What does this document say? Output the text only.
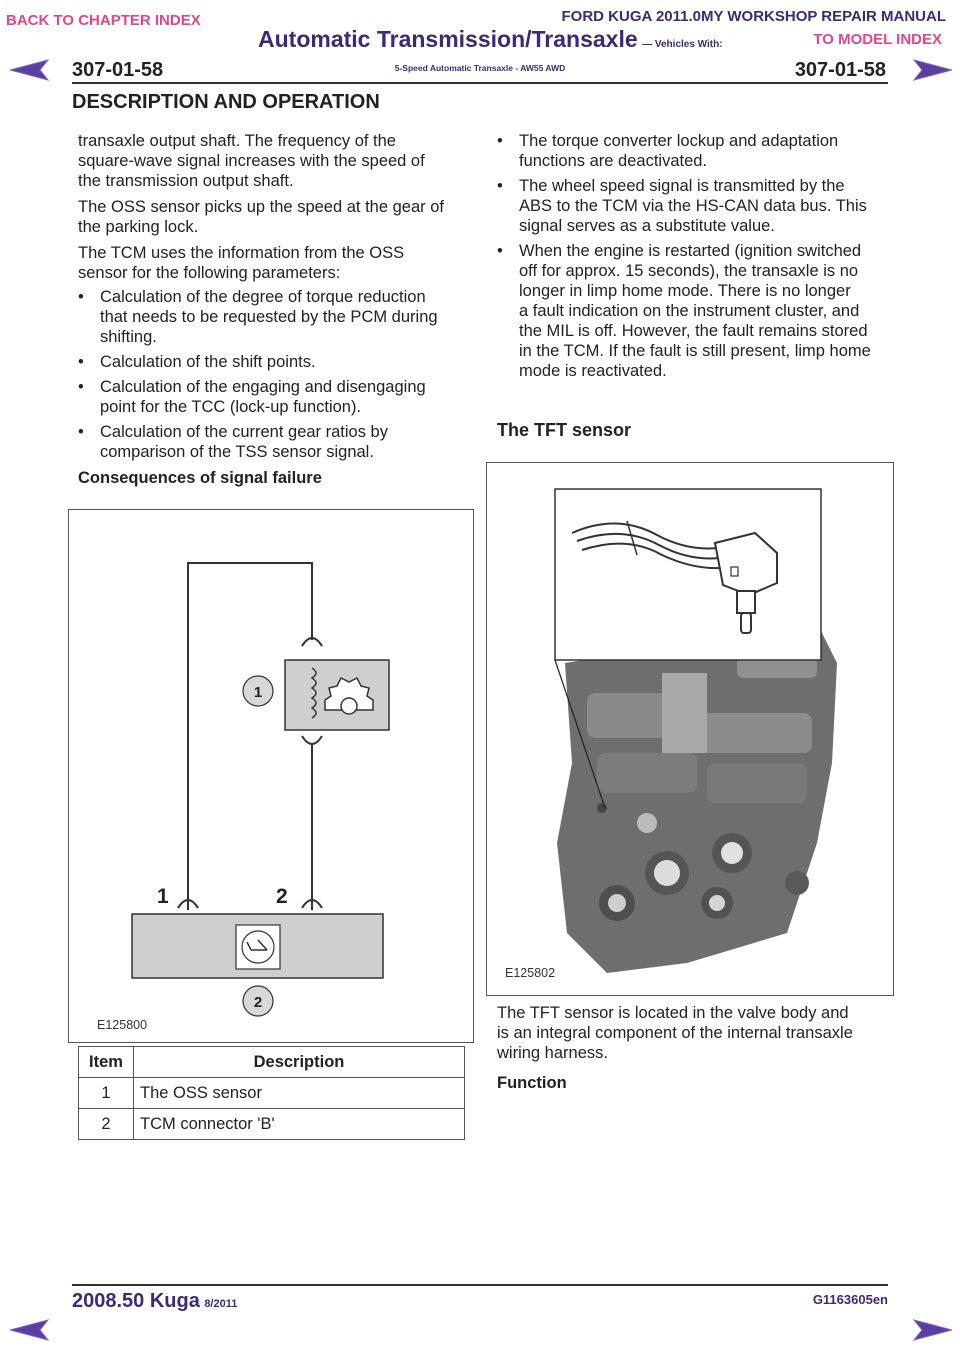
BACK TO CHAPTER INDEX	FORD KUGA 2011.0MY WORKSHOP REPAIR MANUAL
TO MODEL INDEX
Automatic Transmission/Transaxle — Vehicles With:
5-Speed Automatic Transaxle - AW55 AWD
307-01-58	307-01-58
DESCRIPTION AND OPERATION

transaxle output shaft. The frequency of the
square-wave signal increases with the speed of
the transmission output shaft.

The OSS sensor picks up the speed at the gear of
the parking lock.

The TCM uses the information from the OSS
sensor for the following parameters:

• Calculation of the degree of torque reduction
that needs to be requested by the PCM during
shifting.

• Calculation of the shift points.

• Calculation of the engaging and disengaging
point for the TCC (lock-up function).

• Calculation of the current gear ratios by
comparison of the TSS sensor signal.

Consequences of signal failure

1
1	2
2
E125800
Item	Description
1	The OSS sensor
2	TCM connector 'B'

• The torque converter lockup and adaptation
functions are deactivated.

• The wheel speed signal is transmitted by the
ABS to the TCM via the HS-CAN data bus. This
signal serves as a substitute value.

• When the engine is restarted (ignition switched
off for approx. 15 seconds), the transaxle is no
longer in limp home mode. There is no longer
a fault indication on the instrument cluster, and
the MIL is off. However, the fault remains stored
in the TCM. If the fault is still present, limp home
mode is reactivated.

The TFT sensor
E125802

The TFT sensor is located in the valve body and
is an integral component of the internal transaxle
wiring harness.

Function

2008.50 Kuga 8/2011	G1163605en
